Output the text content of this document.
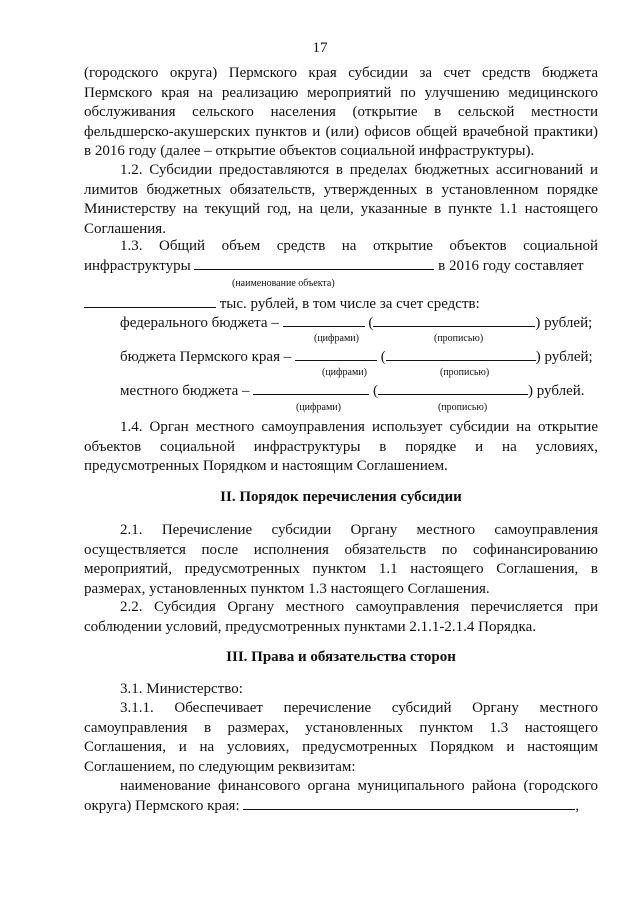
17
(городского округа) Пермского края субсидии за счет средств бюджета Пермского края на реализацию мероприятий по улучшению медицинского обслуживания сельского населения (открытие в сельской местности фельдшерско-акушерских пунктов и (или) офисов общей врачебной практики) в 2016 году (далее – открытие объектов социальной инфраструктуры).
1.2. Субсидии предоставляются в пределах бюджетных ассигнований и лимитов бюджетных обязательств, утвержденных в установленном порядке Министерству на текущий год, на цели, указанные в пункте 1.1 настоящего Соглашения.
1.3. Общий объем средств на открытие объектов социальной
инфраструктуры	в 2016 году составляет
(наименование объекта)
тыс. рублей, в том числе за счет средств:
федерального бюджета –	(	) рублей;
(цифрами)	(прописью)
бюджета Пермского края –	(	) рублей;
(цифрами)	(прописью)
местного бюджета –	(	) рублей.
(цифрами)	(прописью)
1.4. Орган местного самоуправления использует субсидии на открытие объектов социальной инфраструктуры в порядке и на условиях, предусмотренных Порядком и настоящим Соглашением.
II. Порядок перечисления субсидии
2.1. Перечисление субсидии Органу местного самоуправления осуществляется после исполнения обязательств по софинансированию мероприятий, предусмотренных пунктом 1.1 настоящего Соглашения, в размерах, установленных пунктом 1.3 настоящего Соглашения.
2.2. Субсидия Органу местного самоуправления перечисляется при соблюдении условий, предусмотренных пунктами 2.1.1-2.1.4 Порядка.
III. Права и обязательства сторон
3.1. Министерство:
3.1.1. Обеспечивает перечисление субсидий Органу местного самоуправления в размерах, установленных пунктом 1.3 настоящего Соглашения, и на условиях, предусмотренных Порядком и настоящим Соглашением, по следующим реквизитам:
наименование финансового органа муниципального района (городского
округа) Пермского края:	,
